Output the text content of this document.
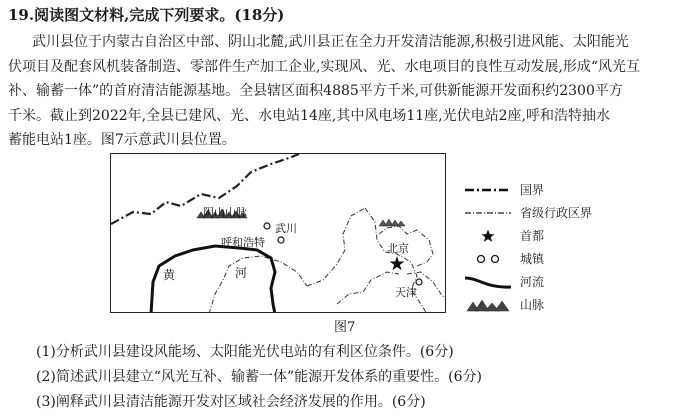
19.阅读图文材料,完成下列要求。(18分)
武川县位于内蒙古自治区中部、阴山北麓,武川县正在全力开发清洁能源,积极引进风能、太阳能光
伏项目及配套风机装备制造、零部件生产加工企业,实现风、光、水电项目的良性互动发展,形成“风光互
补、输蓄一体”的首府清洁能源基地。全县辖区面积4885平方千米,可供新能源开发面积约2300平方
千米。截止到2022年,全县已建风、光、水电站14座,其中风电场11座,光伏电站2座,呼和浩特抽水
蓄能电站1座。图7示意武川县位置。
阴山山脉
武川
呼和浩特
黄	河
北京
天津
国界
省级行政区界
首都
城镇
河流
山脉
图7
(1)分析武川县建设风能场、太阳能光伏电站的有利区位条件。(6分)
(2)简述武川县建立“风光互补、输蓄一体”能源开发体系的重要性。(6分)
(3)阐释武川县清洁能源开发对区域社会经济发展的作用。(6分)
